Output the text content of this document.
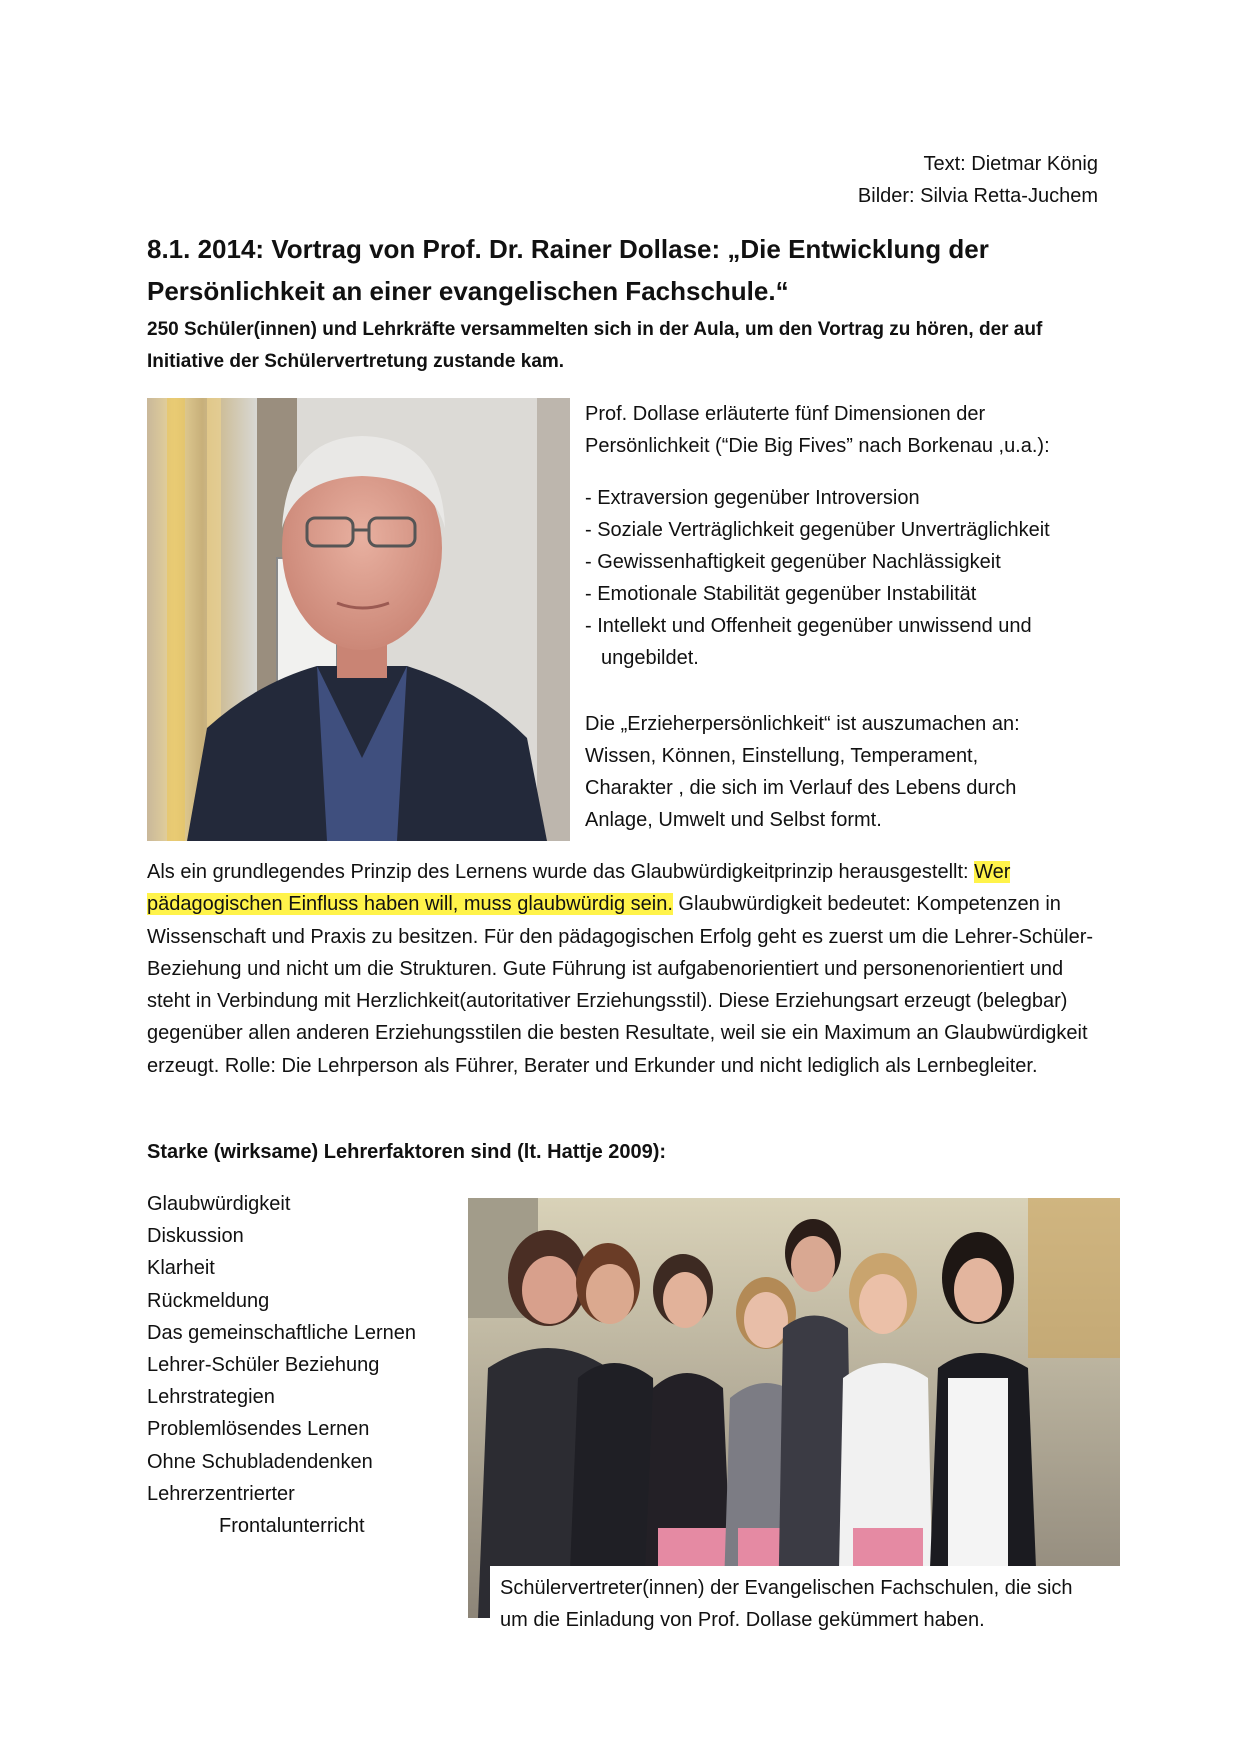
Text: Dietmar König
Bilder: Silvia Retta-Juchem
8.1. 2014: Vortrag von Prof. Dr. Rainer Dollase: „Die Entwicklung der Persönlichkeit an einer evangelischen Fachschule.“
250 Schüler(innen) und Lehrkräfte versammelten sich in der Aula, um den Vortrag zu hören, der auf Initiative der Schülervertretung zustande kam.
Prof. Dollase erläuterte fünf Dimensionen der
Persönlichkeit (“Die Big Fives” nach Borkenau ,u.a.):
- Extraversion gegenüber Introversion
- Soziale Verträglichkeit gegenüber Unverträglichkeit
- Gewissenhaftigkeit gegenüber Nachlässigkeit
- Emotionale Stabilität gegenüber Instabilität
- Intellekt und Offenheit gegenüber unwissend und
ungebildet.
Die „Erzieherpersönlichkeit“ ist auszumachen an:
Wissen, Können, Einstellung, Temperament,
Charakter , die sich im Verlauf des Lebens durch
Anlage, Umwelt und Selbst formt.
Als ein grundlegendes Prinzip des Lernens wurde das Glaubwürdigkeitprinzip herausgestellt: Wer pädagogischen Einfluss haben will, muss glaubwürdig sein. Glaubwürdigkeit bedeutet: Kompetenzen in Wissenschaft und Praxis zu besitzen. Für den pädagogischen Erfolg geht es zuerst um die Lehrer-Schüler-Beziehung und nicht um die Strukturen. Gute Führung ist aufgabenorientiert und personenorientiert und steht in Verbindung mit Herzlichkeit(autoritativer Erziehungsstil). Diese Erziehungsart erzeugt (belegbar) gegenüber allen anderen Erziehungsstilen die besten Resultate, weil sie ein Maximum an Glaubwürdigkeit erzeugt. Rolle: Die Lehrperson als Führer, Berater und Erkunder und nicht lediglich als Lernbegleiter.
Starke (wirksame) Lehrerfaktoren sind (lt. Hattje 2009):
Glaubwürdigkeit
Diskussion
Klarheit
Rückmeldung
Das gemeinschaftliche Lernen
Lehrer-Schüler Beziehung
Lehrstrategien
Problemlösendes Lernen
Ohne Schubladendenken
Lehrerzentrierter
Frontalunterricht
Schülervertreter(innen) der Evangelischen Fachschulen, die sich
um die Einladung von Prof. Dollase gekümmert haben.
